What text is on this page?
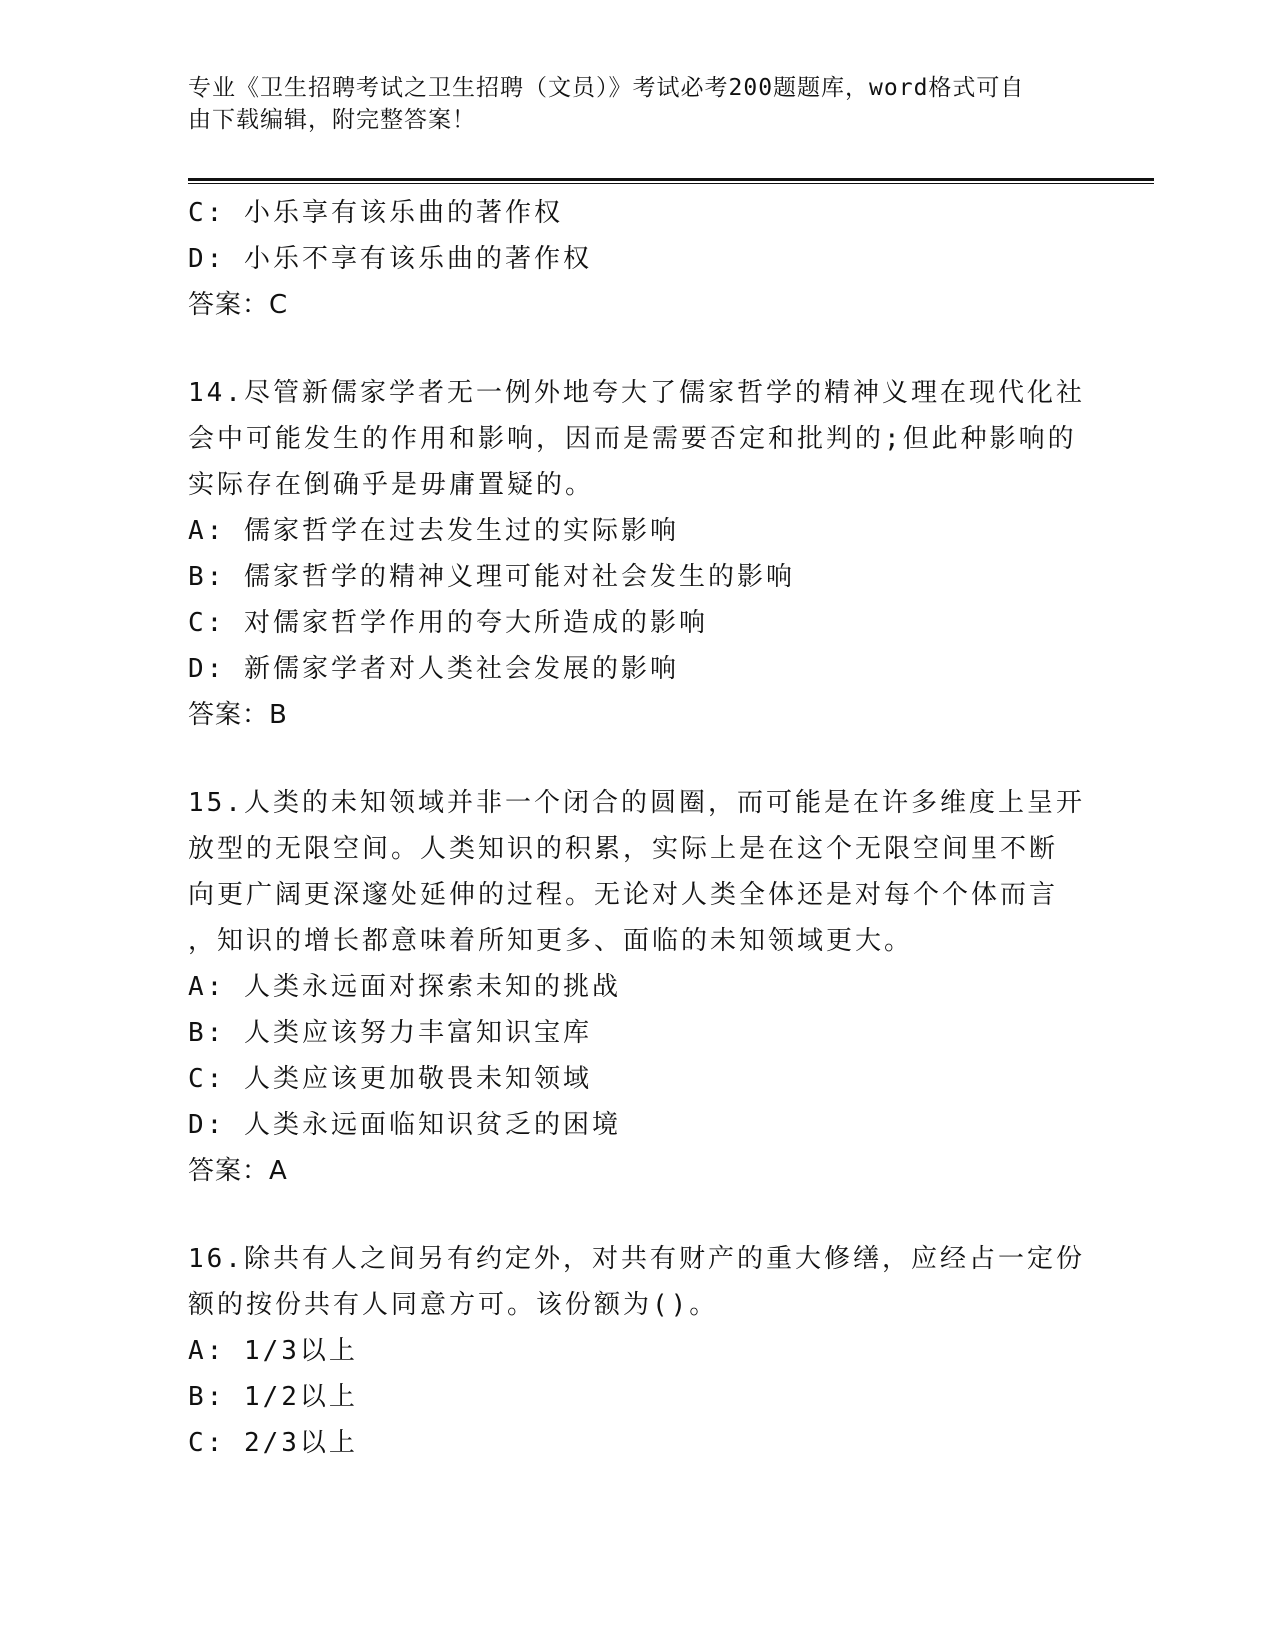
专业《卫生招聘考试之卫生招聘（文员）》考试必考200题题库，word格式可自
由下载编辑，附完整答案！
C: 小乐享有该乐曲的著作权
D: 小乐不享有该乐曲的著作权
答案：C
14.尽管新儒家学者无一例外地夸大了儒家哲学的精神义理在现代化社
会中可能发生的作用和影响，因而是需要否定和批判的;但此种影响的
实际存在倒确乎是毋庸置疑的。
A: 儒家哲学在过去发生过的实际影响
B: 儒家哲学的精神义理可能对社会发生的影响
C: 对儒家哲学作用的夸大所造成的影响
D: 新儒家学者对人类社会发展的影响
答案：B
15.人类的未知领域并非一个闭合的圆圈，而可能是在许多维度上呈开
放型的无限空间。人类知识的积累，实际上是在这个无限空间里不断
向更广阔更深邃处延伸的过程。无论对人类全体还是对每个个体而言
，知识的增长都意味着所知更多、面临的未知领域更大。
A: 人类永远面对探索未知的挑战
B: 人类应该努力丰富知识宝库
C: 人类应该更加敬畏未知领域
D: 人类永远面临知识贫乏的困境
答案：A
16.除共有人之间另有约定外，对共有财产的重大修缮，应经占一定份
额的按份共有人同意方可。该份额为()。
A: 1/3以上
B: 1/2以上
C: 2/3以上
